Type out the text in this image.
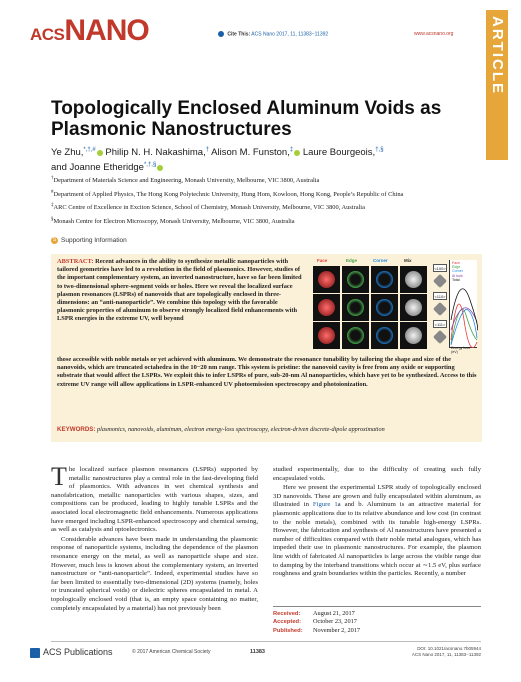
ACSNANO	Cite This: ACS Nano 2017, 11, 11383−11392	www.acsnano.org ARTICLE
Topologically Enclosed Aluminum Voids as Plasmonic Nanostructures
Ye Zhu,*,†,# Philip N. H. Nakashima,† Alison M. Funston,‡ Laure Bourgeois,†,§
and Joanne Etheridge*,†,§

†Department of Materials Science and Engineering, Monash University, Melbourne, VIC 3800, Australia

#Department of Applied Physics, The Hong Kong Polytechnic University, Hung Hom, Kowloon, Hong Kong, People’s Republic of China

‡ARC Centre of Excellence in Exciton Science, School of Chemistry, Monash University, Melbourne, VIC 3800, Australia

§Monash Centre for Electron Microscopy, Monash University, Melbourne, VIC 3800, Australia

S Supporting Information
ABSTRACT: Recent advances in the ability to synthesize metallic nanoparticles with tailored geometries have led to a revolution in the field of plasmonics. However, studies of the important complementary system, an inverted nanostructure, have so far been limited to two-dimensional sphere-segment voids or holes. Here we reveal the localized surface plasmon resonances (LSPRs) of nanovoids that are topologically enclosed in three-dimensions: an “anti-nanoparticle”. We combine this topology with the favorable plasmonic properties of aluminum to observe strongly localized field enhancements with LSPR energies in the extreme UV, well beyond
Face	Edge	Corner	Mix
<100>
<110>
<111>
Face
Edge
Corner
Al bulk
Total
Energy loss (eV)
those accessible with noble metals or yet achieved with aluminum. We demonstrate the resonance tunability by tailoring the shape and size of the nanovoids, which are truncated octahedra in the 10−20 nm range. This system is pristine: the nanovoid cavity is free from any oxide or supporting substrate that would affect the LSPRs. We exploit this to infer LSPRs of pure, sub-20-nm Al nanoparticles, which have yet to be synthesized. Access to this extreme UV range will allow applications in LSPR-enhanced UV photoemission spectroscopy and photoionization.
KEYWORDS: plasmonics, nanovoids, aluminum, electron energy-loss spectroscopy, electron-driven discrete-dipole approximation

The localized surface plasmon resonances (LSPRs) supported by metallic nanostructures play a central role in the fast-developing field of plasmonics. With advances in wet chemical synthesis and nanofabrication, metallic nanoparticles with various shapes, sizes, and compositions can be produced, leading to highly tunable LSPRs and the associated local electromagnetic field enhancements. Numerous applications have emerged including LSPR-enhanced spectroscopy and chemical sensing, as well as catalysis and optoelectronics.

Considerable advances have been made in understanding the plasmonic response of nanoparticle systems, including the dependence of the plasmon resonance energy on the metal, as well as nanoparticle shape and size. However, much less is known about the complementary system, an inverted nanostructure or “anti-nanoparticle”. Indeed, experimental studies have so far been limited to essentially two-dimensional (2D) systems (namely, holes or truncated spherical voids) or dielectric spheres encapsulated in metal. A topologically enclosed void (that is, an empty space containing no matter, completely encapsulated by a material) has not previously been

studied experimentally, due to the difficulty of creating such fully encapsulated voids.

Here we present the experimental LSPR study of topologically enclosed 3D nanovoids. These are grown and fully encapsulated within aluminum, as illustrated in Figure 1a and b. Aluminum is an attractive material for plasmonic applications due to its relative abundance and low cost (in contrast to the noble metals), combined with its tunable high-energy LSPRs. However, the fabrication and synthesis of Al nanostructures have presented a number of difficulties compared with their noble metal analogues, which has impeded their use in plasmonic nanostructures. For example, the plasmon line width of fabricated Al nanoparticles is large across the visible range due to damping by the interband transitions which occur at ∼1.5 eV, plus surface roughness and grain boundaries within the particles. Recently, a number

Received: August 21, 2017
Accepted: October 23, 2017
Published: November 2, 2017
ACS Publications	© 2017 American Chemical Society	11383
DOI: 10.1021/acsnano.7b05944
ACS Nano 2017, 11, 11383−11392
